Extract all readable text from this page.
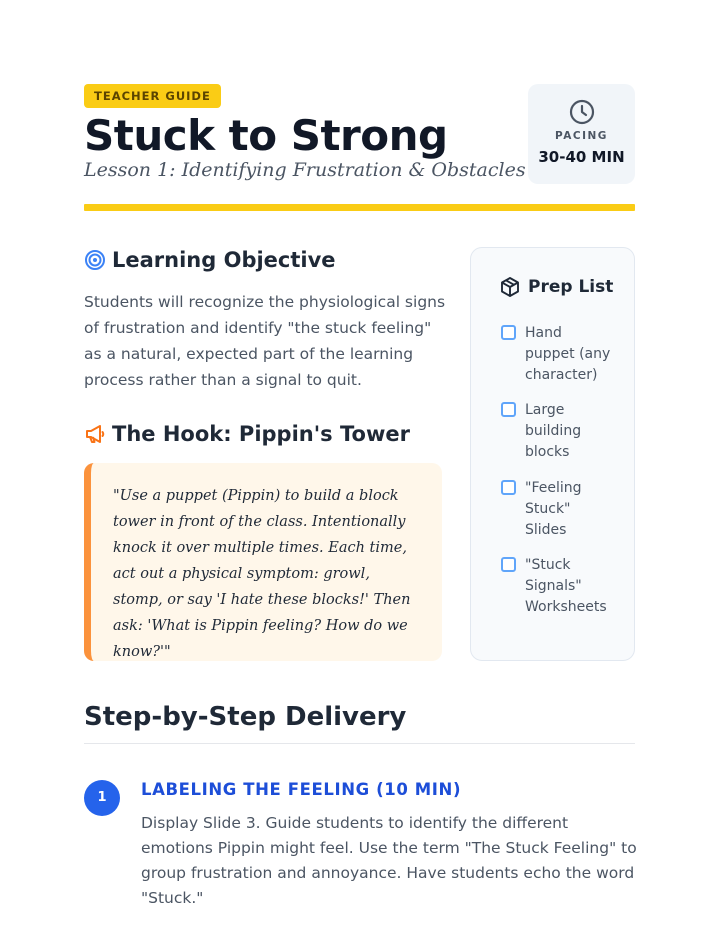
TEACHER GUIDE
Stuck to Strong
Lesson 1: Identifying Frustration & Obstacles
PACING
30-40 MIN
Learning Objective
Students will recognize the physiological signs of frustration and identify "the stuck feeling" as a natural, expected part of the learning process rather than a signal to quit.
The Hook: Pippin's Tower
"Use a puppet (Pippin) to build a block tower in front of the class. Intentionally knock it over multiple times. Each time, act out a physical symptom: growl, stomp, or say 'I hate these blocks!' Then ask: 'What is Pippin feeling? How do we know?'"
Prep List
Hand puppet (any character)
Large building blocks
"Feeling Stuck" Slides
"Stuck Signals" Worksheets
Step-by-Step Delivery
1	LABELING THE FEELING (10 MIN)
Display Slide 3. Guide students to identify the different emotions Pippin might feel. Use the term "The Stuck Feeling" to group frustration and annoyance. Have students echo the word "Stuck."
